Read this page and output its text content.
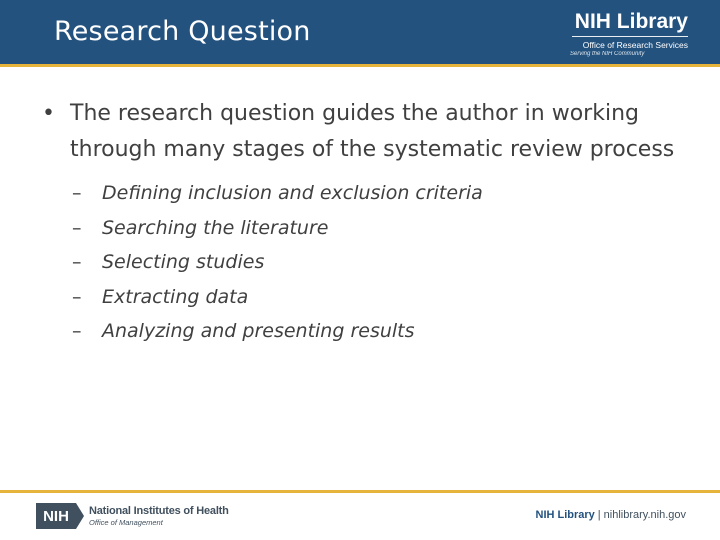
Research Question	NIH Library
Office of Research Services
Serving the NIH Community
• The research question guides the author in working through many stages of the systematic review process
– Defining inclusion and exclusion criteria
– Searching the literature
– Selecting studies
– Extracting data
– Analyzing and presenting results
NIH	National Institutes of Health
Office of Management
NIH Library | nihlibrary.nih.gov
